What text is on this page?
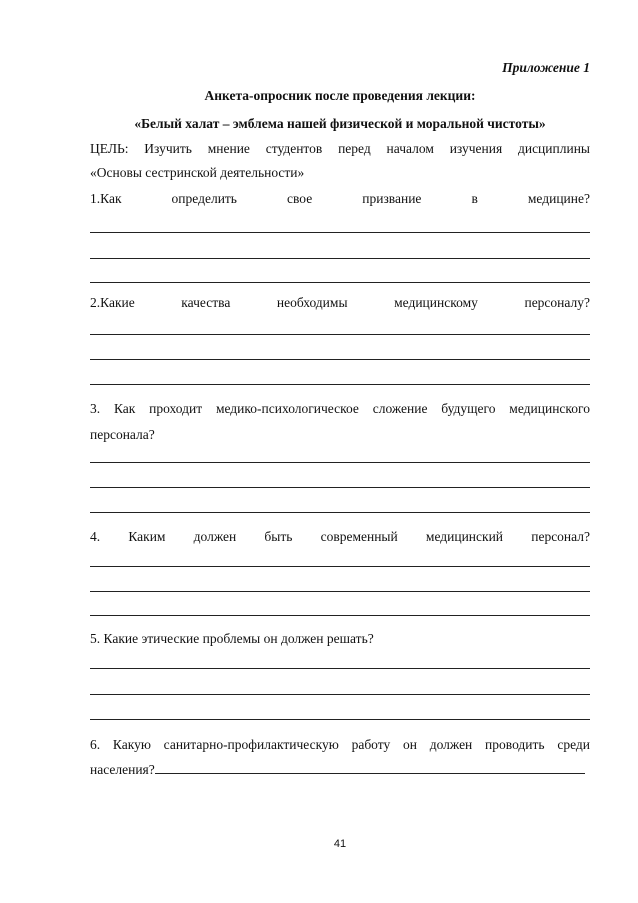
Приложение 1
Анкета-опросник после проведения лекции:
«Белый халат – эмблема нашей физической и моральной чистоты»
ЦЕЛЬ: Изучить мнение студентов перед началом изучения дисциплины
«Основы сестринской деятельности»
1.Как определить свое призвание в медицине?
2.Какие качества необходимы медицинскому персоналу?
3. Как проходит медико-психологическое сложение будущего медицинского
персонала?
4. Каким должен быть современный медицинский персонал?
5. Какие этические проблемы он должен решать?
6. Какую санитарно-профилактическую работу он должен проводить среди
населения?
41
